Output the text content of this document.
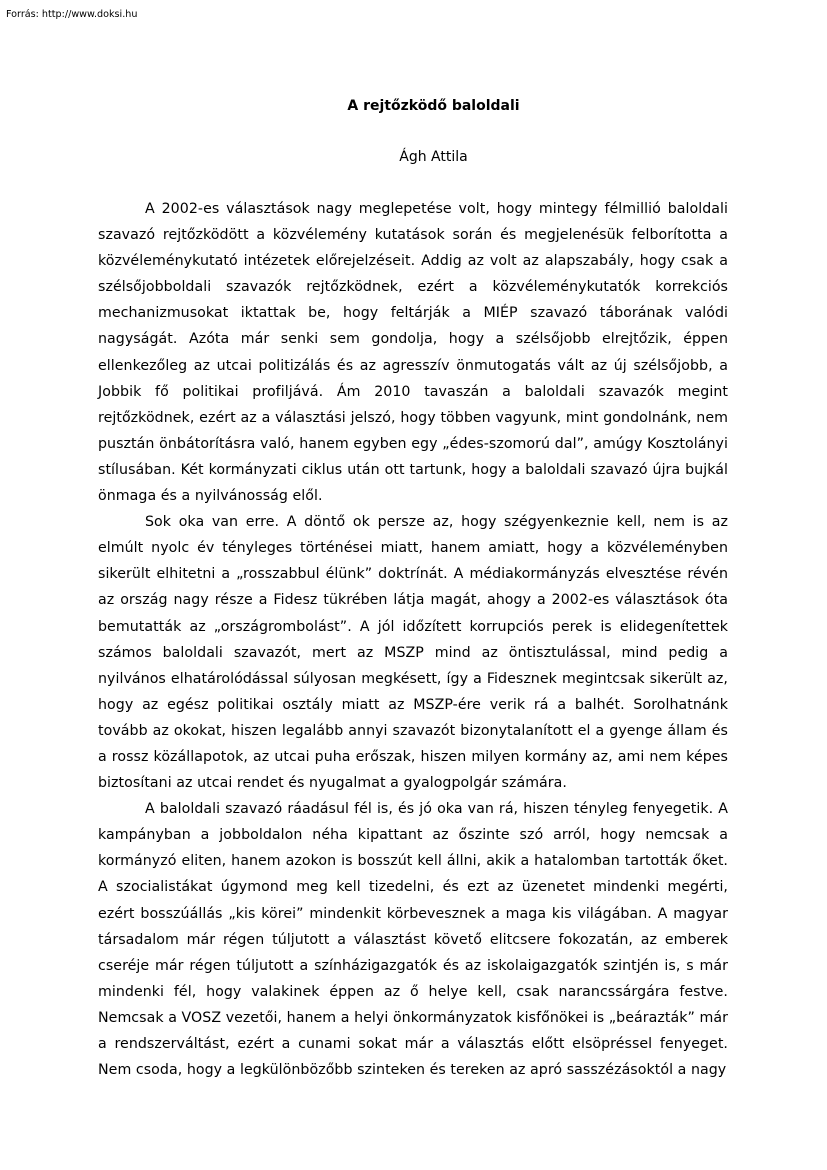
Forrás: http://www.doksi.hu
A rejtőzködő baloldali
Ágh Attila

A 2002-es választások nagy meglepetése volt, hogy mintegy félmillió baloldali szavazó rejtőzködött a közvélemény kutatások során és megjelenésük felborította a közvéleménykutató intézetek előrejelzéseit. Addig az volt az alapszabály, hogy csak a szélsőjobboldali szavazók rejtőzködnek, ezért a közvéleménykutatók korrekciós mechanizmusokat iktattak be, hogy feltárják a MIÉP szavazó táborának valódi nagyságát. Azóta már senki sem gondolja, hogy a szélsőjobb elrejtőzik, éppen ellenkezőleg az utcai politizálás és az agresszív önmutogatás vált az új szélsőjobb, a Jobbik fő politikai profiljává. Ám 2010 tavaszán a baloldali szavazók megint rejtőzködnek, ezért az a választási jelszó, hogy többen vagyunk, mint gondolnánk, nem pusztán önbátorításra való, hanem egyben egy „édes-szomorú dal”, amúgy Kosztolányi stílusában. Két kormányzati ciklus után ott tartunk, hogy a baloldali szavazó újra bujkál önmaga és a nyilvánosság elől.

Sok oka van erre. A döntő ok persze az, hogy szégyenkeznie kell, nem is az elmúlt nyolc év tényleges történései miatt, hanem amiatt, hogy a közvéleményben sikerült elhitetni a „rosszabbul élünk” doktrínát. A médiakormányzás elvesztése révén az ország nagy része a Fidesz tükrében látja magát, ahogy a 2002-es választások óta bemutatták az „országrombolást”. A jól időzített korrupciós perek is elidegenítettek számos baloldali szavazót, mert az MSZP mind az öntisztulással, mind pedig a nyilvános elhatárolódással súlyosan megkésett, így a Fidesznek megintcsak sikerült az, hogy az egész politikai osztály miatt az MSZP-ére verik rá a balhét. Sorolhatnánk tovább az okokat, hiszen legalább annyi szavazót bizonytalanított el a gyenge állam és a rossz közállapotok, az utcai puha erőszak, hiszen milyen kormány az, ami nem képes biztosítani az utcai rendet és nyugalmat a gyalogpolgár számára.

A baloldali szavazó ráadásul fél is, és jó oka van rá, hiszen tényleg fenyegetik. A kampányban a jobboldalon néha kipattant az őszinte szó arról, hogy nemcsak a kormányzó eliten, hanem azokon is bosszút kell állni, akik a hatalomban tartották őket. A szocialistákat úgymond meg kell tizedelni, és ezt az üzenetet mindenki megérti, ezért bosszúállás „kis körei” mindenkit körbevesznek a maga kis világában. A magyar társadalom már régen túljutott a választást követő elitcsere fokozatán, az emberek cseréje már régen túljutott a színházigazgatók és az iskolaigazgatók szintjén is, s már mindenki fél, hogy valakinek éppen az ő helye kell, csak narancssárgára festve. Nemcsak a VOSZ vezetői, hanem a helyi önkormányzatok kisfőnökei is „beárazták” már a rendszerváltást, ezért a cunami sokat már a választás előtt elsöpréssel fenyeget. Nem csoda, hogy a legkülönbözőbb szinteken és tereken az apró sasszézásoktól a nagy
